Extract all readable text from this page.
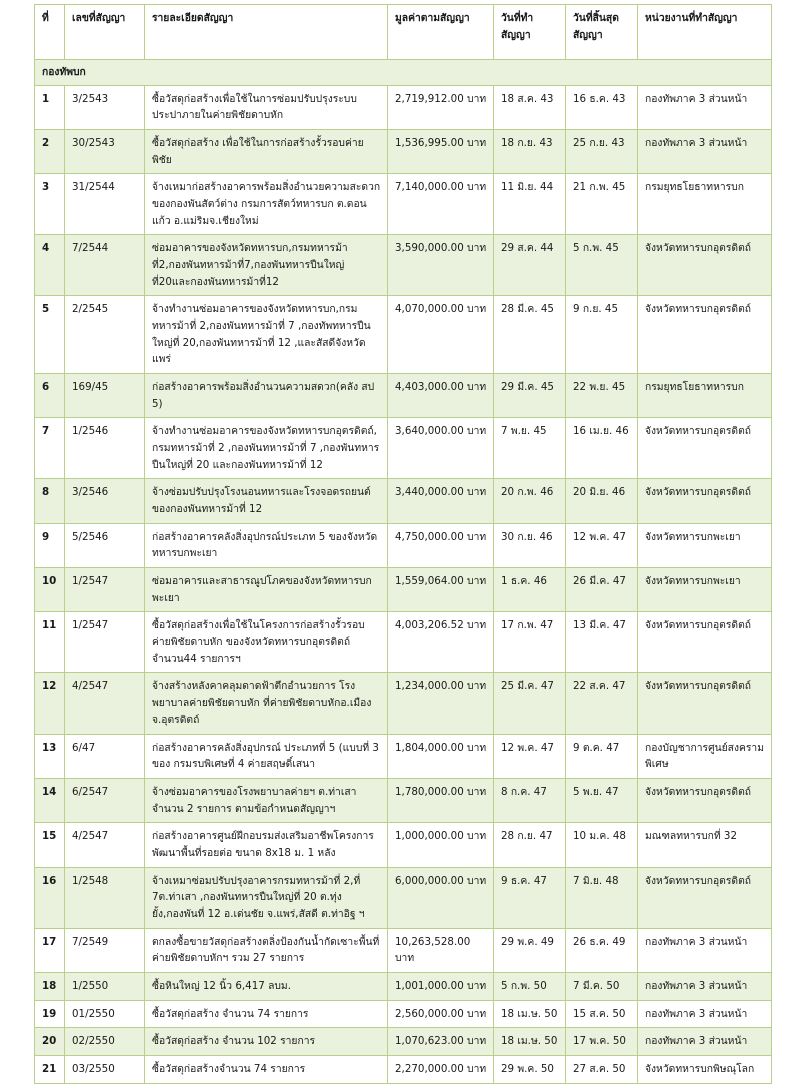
ที่	เลขที่สัญญา	รายละเอียดสัญญา	มูลค่าตามสัญญา	วันที่ทำสัญญา	วันที่สิ้นสุดสัญญา	หน่วยงานที่ทำสัญญา
กองทัพบก						
1	3/2543	ซื้อวัสดุก่อสร้างเพื่อใช้ในการซ่อมปรับปรุงระบบประปาภายในค่ายพิชัยดาบหัก	2,719,912.00 บาท	18 ส.ค. 43	16 ธ.ค. 43	กองทัพภาค 3 ส่วนหน้า
2	30/2543	ซื้อวัสดุก่อสร้าง เพื่อใช้ในการก่อสร้างรั้วรอบค่ายพิชัย	1,536,995.00 บาท	18 ก.ย. 43	25 ก.ย. 43	กองทัพภาค 3 ส่วนหน้า
3	31/2544	จ้างเหมาก่อสร้างอาคารพร้อมสิ่งอำนวยความสะดวกของกองพันสัตว์ต่าง กรมการสัตว์ทหารบก ต.ดอนแก้ว อ.แม่ริมจ.เชียงใหม่	7,140,000.00 บาท	11 มิ.ย. 44	21 ก.พ. 45	กรมยุทธโยธาทหารบก
4	7/2544	ซ่อมอาคารของจังหวัดทหารบก,กรมทหารม้าที่2,กองพันทหารม้าที่7,กองพันทหารปืนใหญ่ที่20และกองพันทหารม้าที่12	3,590,000.00 บาท	29 ส.ค. 44	5 ก.พ. 45	จังหวัดทหารบกอุตรดิตถ์
5	2/2545	จ้างทำงานซ่อมอาคารของจังหวัดทหารบก,กรมทหารม้าที่ 2,กองพันทหารม้าที่ 7 ,กองทัพทหารปืนใหญ่ที่ 20,กองพันทหารม้าที่ 12 ,และสัสดีจังหวัดแพร่	4,070,000.00 บาท	28 มี.ค. 45	9 ก.ย. 45	จังหวัดทหารบกอุตรดิตถ์
6	169/45	ก่อสร้างอาคารพร้อมสิ่งอำนวนความสดวก(คลัง สป 5)	4,403,000.00 บาท	29 มี.ค. 45	22 พ.ย. 45	กรมยุทธโยธาทหารบก
7	1/2546	จ้างทำงานซ่อมอาคารของจังหวัดทหารบกอุตรดิตถ์, กรมทหารม้าที่ 2 ,กองพันทหารม้าที่ 7 ,กองพันทหารปืนใหญ่ที่ 20 และกองพันทหารม้าที่ 12	3,640,000.00 บาท	7 พ.ย. 45	16 เม.ย. 46	จังหวัดทหารบกอุตรดิตถ์
8	3/2546	จ้างซ่อมปรับปรุงโรงนอนทหารและโรงจอดรถยนต์ของกองพันทหารม้าที่ 12	3,440,000.00 บาท	20 ก.พ. 46	20 มิ.ย. 46	จังหวัดทหารบกอุตรดิตถ์
9	5/2546	ก่อสร้างอาคารคลังสิ่งอุปกรณ์ประเภท 5 ของจังหวัดทหารบกพะเยา	4,750,000.00 บาท	30 ก.ย. 46	12 พ.ค. 47	จังหวัดทหารบกพะเยา
10	1/2547	ซ่อมอาคารและสาธารณูปโภคของจังหวัดทหารบกพะเยา	1,559,064.00 บาท	1 ธ.ค. 46	26 มี.ค. 47	จังหวัดทหารบกพะเยา
11	1/2547	ซื้อวัสดุก่อสร้างเพื่อใช้ในโครงการก่อสร้างรั้วรอบค่ายพิชัยดาบหัก ของจังหวัดทหารบกอุตรดิตถ์ จำนวน44 รายการฯ	4,003,206.52 บาท	17 ก.พ. 47	13 มี.ค. 47	จังหวัดทหารบกอุตรดิตถ์
12	4/2547	จ้างสร้างหลังคาคลุมดาดฟ้าตึกอำนวยการ โรงพยาบาลค่ายพิชัยดาบหัก ที่ค่ายพิชัยดาบหักอ.เมือง จ.อุตรดิตถ์	1,234,000.00 บาท	25 มี.ค. 47	22 ส.ค. 47	จังหวัดทหารบกอุตรดิตถ์
13	6/47	ก่อสร้างอาคารคลังสิ่งอุปกรณ์ ประเภทที่ 5 (แบบที่ 3 ของ กรมรบพิเศษที่ 4 ค่ายสฤษดิ์เสนา	1,804,000.00 บาท	12 พ.ค. 47	9 ต.ค. 47	กองบัญชาการศูนย์สงครามพิเศษ
14	6/2547	จ้างซ่อมอาคารของโรงพยาบาลค่ายฯ ต.ท่าเสาจำนวน 2 รายการ ตามข้อกำหนดสัญญาฯ	1,780,000.00 บาท	8 ก.ค. 47	5 พ.ย. 47	จังหวัดทหารบกอุตรดิตถ์
15	4/2547	ก่อสร้างอาคารศูนย์ฝึกอบรมส่งเสริมอาชีพโครงการพัฒนาพื้นที่รอยต่อ ขนาด 8x18 ม. 1 หลัง	1,000,000.00 บาท	28 ก.ย. 47	10 ม.ค. 48	มณฑลทหารบกที่ 32
16	1/2548	จ้างเหมาซ่อมปรับปรุงอาคารกรมทหารม้าที่ 2,ที่ 7ต.ท่าเสา ,กองพันทหารปืนใหญ่ที่ 20 ต.ทุ่งยั้ง,กองพันที่ 12 อ.เด่นชัย จ.แพร่,สัสดี ต.ท่าอิฐ ฯ	6,000,000.00 บาท	9 ธ.ค. 47	7 มิ.ย. 48	จังหวัดทหารบกอุตรดิตถ์
17	7/2549	ตกลงซื้อขายวัสดุก่อสร้างตลิ่งป้องกันน้ำกัดเซาะพื้นที่ค่ายพิชัยดาบหักฯ รวม 27 รายการ	10,263,528.00 บาท	29 พ.ค. 49	26 ธ.ค. 49	กองทัพภาค 3 ส่วนหน้า
18	1/2550	ซื้อหินใหญ่ 12 นิ้ว 6,417 ลบม.	1,001,000.00 บาท	5 ก.พ. 50	7 มี.ค. 50	กองทัพภาค 3 ส่วนหน้า
19	01/2550	ซื้อวัสดุก่อสร้าง จำนวน 74 รายการ	2,560,000.00 บาท	18 เม.ษ. 50	15 ส.ค. 50	กองทัพภาค 3 ส่วนหน้า
20	02/2550	ซื้อวัสดุก่อสร้าง จำนวน 102 รายการ	1,070,623.00 บาท	18 เม.ษ. 50	17 พ.ค. 50	กองทัพภาค 3 ส่วนหน้า
21	03/2550	ซื้อวัสดุก่อสร้างจำนวน 74 รายการ	2,270,000.00 บาท	29 พ.ค. 50	27 ส.ค. 50	จังหวัดทหารบกพิษณุโลก
